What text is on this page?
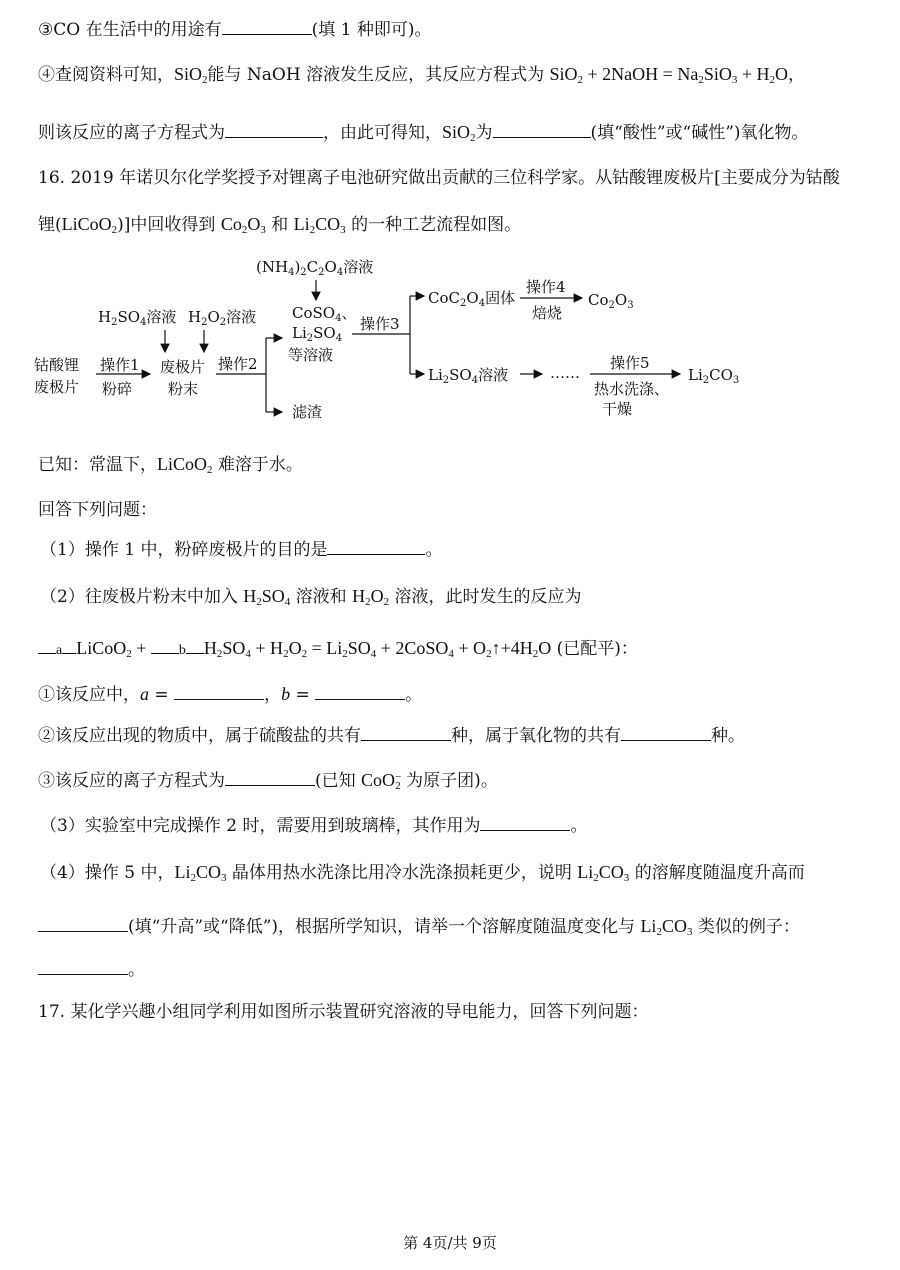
③CO 在生活中的用途有	(填 1 种即可)。
④查阅资料可知，SiO$_2$能与 NaOH 溶液发生反应，其反应方程式为 SiO$_2$ + 2NaOH = $Na_2SiO_3 + H_2O$，
则该反应的离子方程式为	，由此可得知，SiO$_2$为	(填“酸性”或“碱性”)氧化物。
16. 2019 年诺贝尔化学奖授予对锂离子电池研究做出贡献的三位科学家。从钴酸锂废极片[主要成分为钴酸
锂(LiCoO$_2$)]中回收得到 $Co_2O_3$ 和 $Li_2CO_3$ 的一种工艺流程如图。
钴酸锂
废极片
操作1
粉碎
$H_2SO_4$溶液 $H_2O_2$溶液
废极片
粉末
操作2
$(NH_4)_2C_2O_4$溶液
CoSO$_4$、
$Li_2SO_4$
等溶液
滤渣
操作3
$CoC_2O_4$固体
操作4
焙烧
$Co_2O_3$
$Li_2SO_4$溶液	……
操作5
热水洗涤、
干燥
$Li_2CO_3$
已知：常温下，LiCoO$_2$ 难溶于水。
回答下列问题：
（1）操作 1 中，粉碎废极片的目的是	。
（2）往废极片粉末中加入 $H_2SO_4$ 溶液和 $H_2O_2$ 溶液，此时发生的反应为
a LiCoO$_2$ + b $H_2SO_4 + H_2O_2 = Li_2SO_4$ + 2CoSO$_4$ + $O_2↑+4H_2O$ (已配平)：
①该反应中，a =	，b =	。
②该反应出现的物质中，属于硫酸盐的共有	种，属于氧化物的共有	种。
③该反应的离子方程式为	(已知 CoO−$_2$ 为原子团)。
（3）实验室中完成操作 2 时，需要用到玻璃棒，其作用为	。
（4）操作 5 中，$Li_2CO_3$ 晶体用热水洗涤比用冷水洗涤损耗更少，说明 $Li_2CO_3$ 的溶解度随温度升高而
(填“升高”或“降低”)，根据所学知识，请举一个溶解度随温度变化与 $Li_2CO_3$ 类似的例子：
。
17. 某化学兴趣小组同学利用如图所示装置研究溶液的导电能力，回答下列问题：
第 4页/共 9页
